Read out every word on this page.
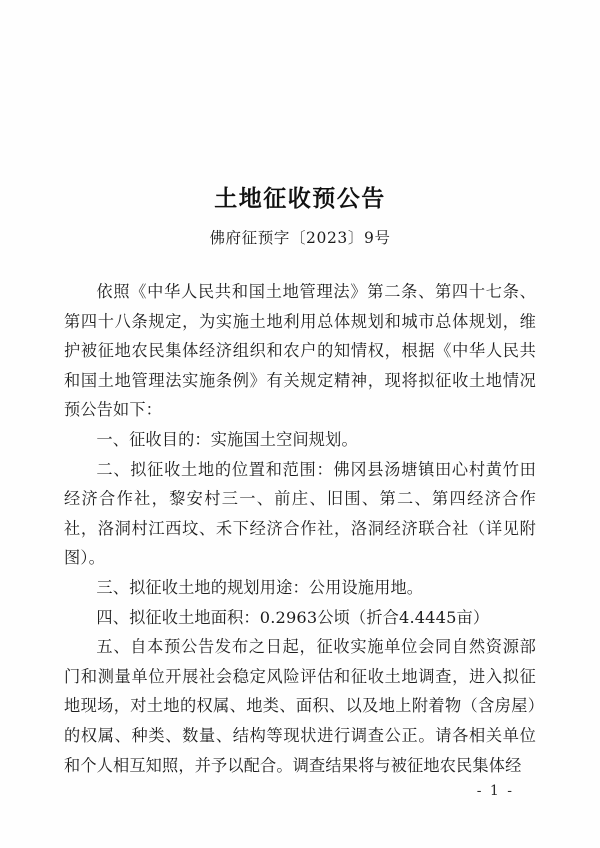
土地征收预公告
佛府征预字〔2023〕9号

依照《中华人民共和国土地管理法》第二条、第四十七条、第四十八条规定，为实施土地利用总体规划和城市总体规划，维护被征地农民集体经济组织和农户的知情权，根据《中华人民共和国土地管理法实施条例》有关规定精神，现将拟征收土地情况预公告如下：

一、征收目的：实施国土空间规划。

二、拟征收土地的位置和范围：佛冈县汤塘镇田心村黄竹田经济合作社，黎安村三一、前庄、旧围、第二、第四经济合作社，洛洞村江西坟、禾下经济合作社，洛洞经济联合社（详见附图）。

三、拟征收土地的规划用途：公用设施用地。

四、拟征收土地面积：0.2963公顷（折合4.4445亩）

五、自本预公告发布之日起，征收实施单位会同自然资源部门和测量单位开展社会稳定风险评估和征收土地调查，进入拟征地现场，对土地的权属、地类、面积、以及地上附着物（含房屋）的权属、种类、数量、结构等现状进行调查公正。请各相关单位和个人相互知照，并予以配合。调查结果将与被征地农民集体经

- 1 -
